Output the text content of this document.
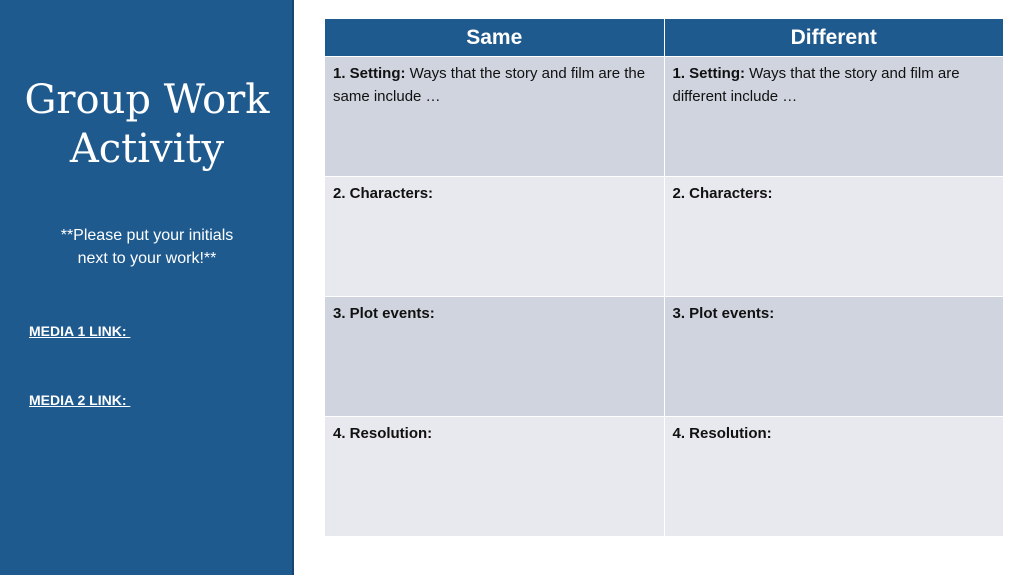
Group Work
Activity
**Please put your initials
next to your work!**
MEDIA 1 LINK:
MEDIA 2 LINK:
Same	Different

1. Setting: Ways that the story and film are the same include …	1. Setting: Ways that the story and film are different include …

2. Characters:	2. Characters:

3. Plot events:	3. Plot events:

4. Resolution:	4. Resolution:
